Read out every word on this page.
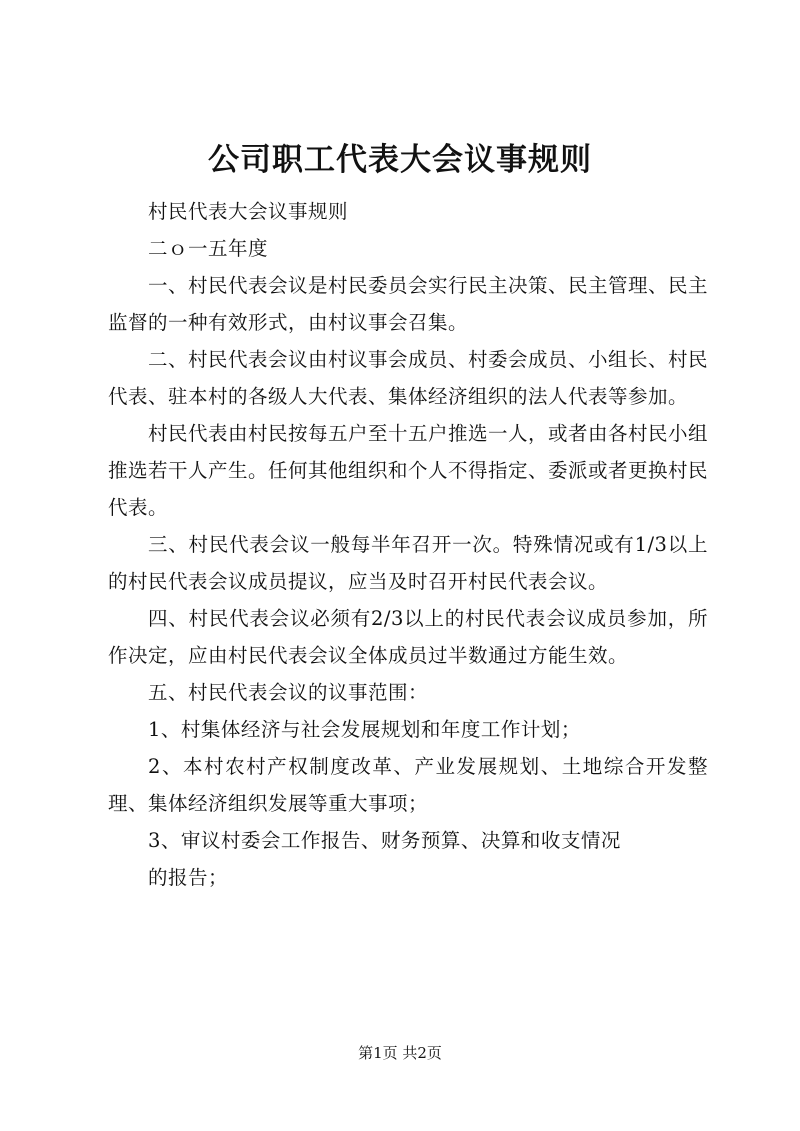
公司职工代表大会议事规则

村民代表大会议事规则

二ｏ一五年度

一、村民代表会议是村民委员会实行民主决策、民主管理、民主监督的一种有效形式，由村议事会召集。

二、村民代表会议由村议事会成员、村委会成员、小组长、村民代表、驻本村的各级人大代表、集体经济组织的法人代表等参加。

村民代表由村民按每五户至十五户推选一人，或者由各村民小组推选若干人产生。任何其他组织和个人不得指定、委派或者更换村民代表。

三、村民代表会议一般每半年召开一次。特殊情况或有1/3以上的村民代表会议成员提议，应当及时召开村民代表会议。

四、村民代表会议必须有2/3以上的村民代表会议成员参加，所作决定，应由村民代表会议全体成员过半数通过方能生效。

五、村民代表会议的议事范围：

1、村集体经济与社会发展规划和年度工作计划；

2、本村农村产权制度改革、产业发展规划、土地综合开发整理、集体经济组织发展等重大事项；

3、审议村委会工作报告、财务预算、决算和收支情况

的报告；

第1页 共2页
